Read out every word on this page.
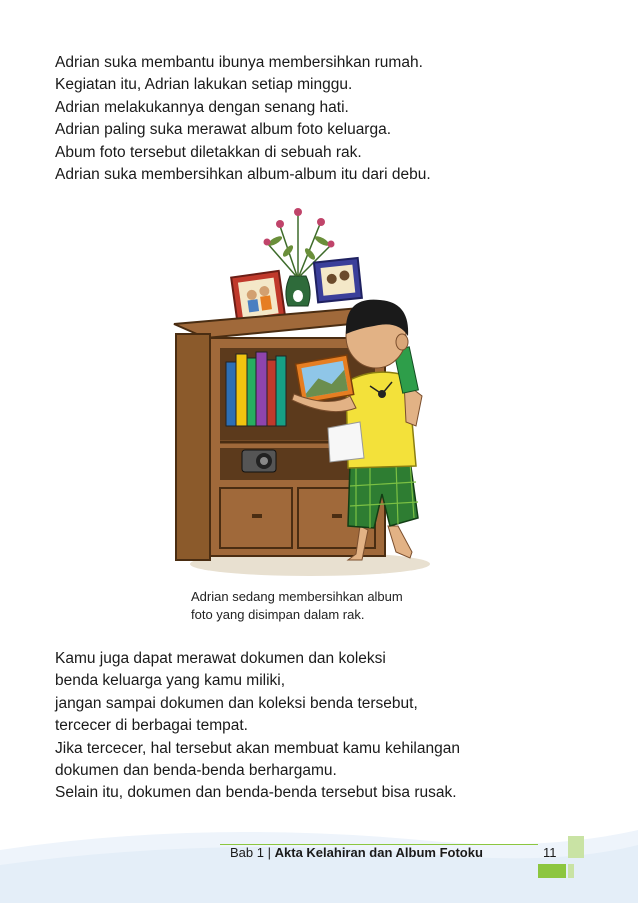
Adrian suka membantu ibunya membersihkan rumah.
Kegiatan itu, Adrian lakukan setiap minggu.
Adrian melakukannya dengan senang hati.
Adrian paling suka merawat album foto keluarga.
Abum foto tersebut diletakkan di sebuah rak.
Adrian suka membersihkan album-album itu dari debu.
Adrian sedang membersihkan album
foto yang disimpan dalam rak.
Kamu juga dapat merawat dokumen dan koleksi
benda keluarga yang kamu miliki,
jangan sampai dokumen dan koleksi benda tersebut,
tercecer di berbagai tempat.
Jika tercecer, hal tersebut akan membuat kamu kehilangan
dokumen dan benda-benda berhargamu.
Selain itu, dokumen dan benda-benda tersebut bisa rusak.
Bab 1 | Akta Kelahiran dan Album Fotoku	11
